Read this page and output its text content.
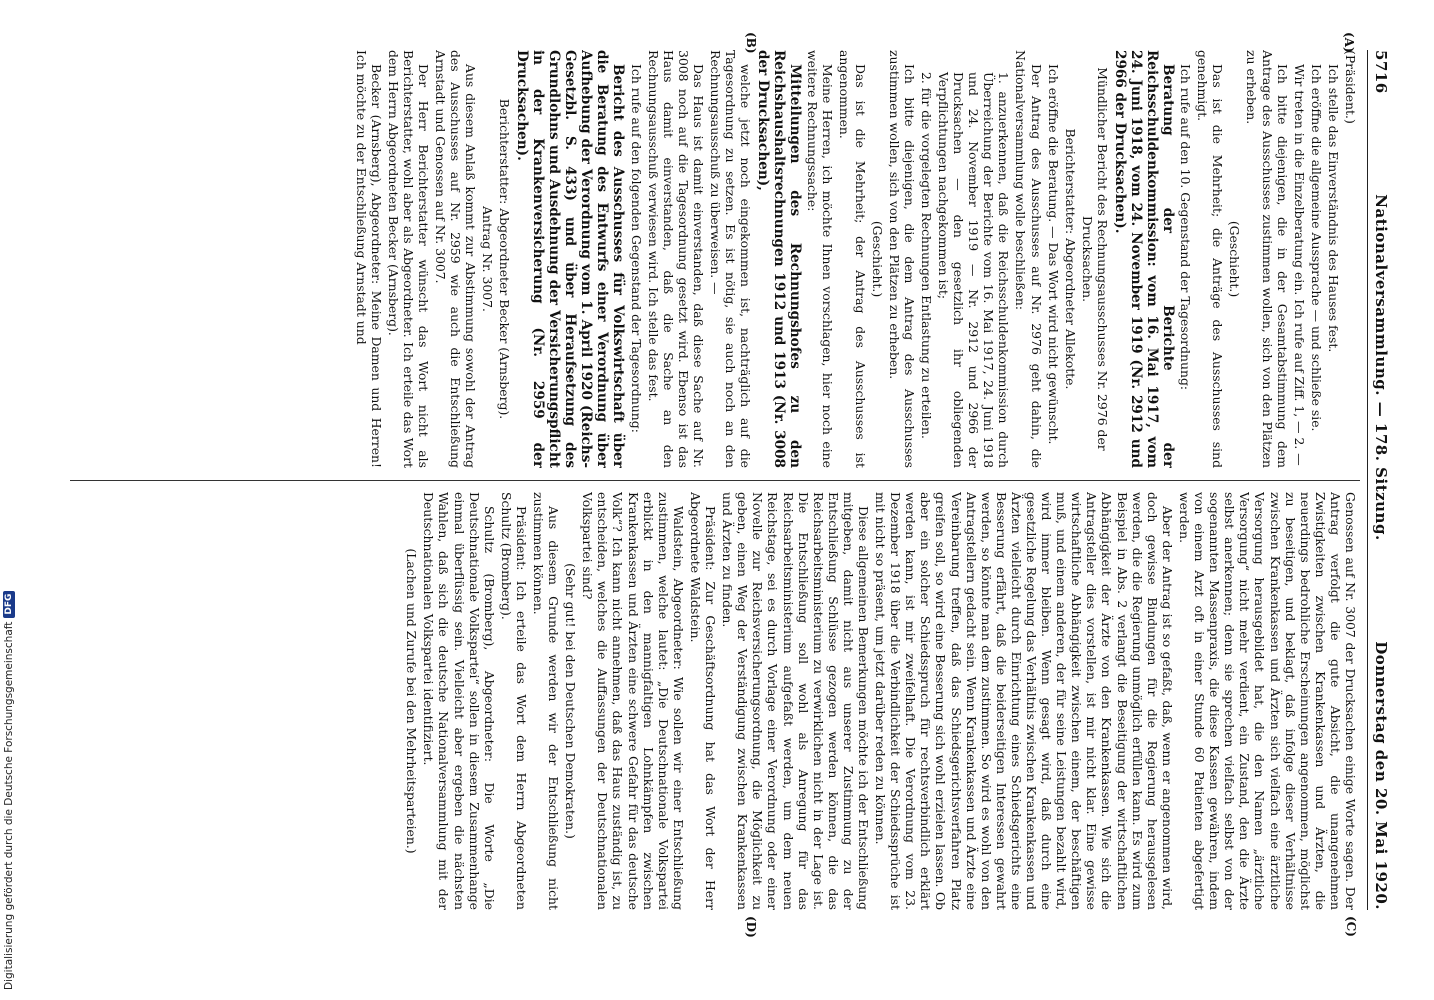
5716
Nationalversammlung. — 178. Sitzung.
Donnerstag den 20. Mai 1920.
(A)
(B)
(C)
(D)

(Präsident.)

Ich stelle das Einverständnis des Hauses fest.

Ich eröffne die allgemeine Aussprache — und schließe sie.

Wir treten in die Einzelberatung ein. Ich rufe auf Ziff. 1, — 2. —

Ich bitte diejenigen, die in der Gesamtabstimmung dem Antrage des Ausschusses zustimmen wollen, sich von den Plätzen zu erheben.

(Geschieht.)

Das ist die Mehrheit; die Anträge des Ausschusses sind genehmigt.

Ich rufe auf den 10. Gegenstand der Tagesordnung:

Beratung der Berichte der Reichsschuldenkommission: vom 16. Mai 1917, vom 24. Juni 1918, vom 24. November 1919 (Nr. 2912 und 2966 der Drucksachen).

Mündlicher Bericht des Rechnungsausschusses Nr. 2976 der Drucksachen.

Berichterstatter: Abgeordneter Allekotte.

Ich eröffne die Beratung. — Das Wort wird nicht gewünscht.

Der Antrag des Ausschusses auf Nr. 2976 geht dahin, die Nationalversammlung wolle beschließen:

1. anzuerkennen, daß die Reichsschuldenkommission durch Überreichung der Berichte vom 16. Mai 1917, 24. Juni 1918 und 24. November 1919 — Nr. 2912 und 2966 der Drucksachen — den gesetzlich ihr obliegenden Verpflichtungen nachgekommen ist;

2. für die vorgelegten Rechnungen Entlastung zu erteilen.

Ich bitte diejenigen, die dem Antrag des Ausschusses zustimmen wollen, sich von den Plätzen zu erheben.

(Geschieht.)

Das ist die Mehrheit; der Antrag des Ausschusses ist angenommen.

Meine Herren, ich möchte Ihnen vorschlagen, hier noch eine weitere Rechnungssache:

Mitteilungen des Rechnungshofes zu den Reichshaushaltsrechnungen 1912 und 1913 (Nr. 3008 der Drucksachen),

welche jetzt noch eingekommen ist, nachträglich auf die Tagesordnung zu setzen. Es ist nötig, sie auch noch an den Rechnungsausschuß zu überweisen. —

Das Haus ist damit einverstanden, daß diese Sache auf Nr. 3008 noch auf die Tagesordnung gesetzt wird. Ebenso ist das Haus damit einverstanden, daß die Sache an den Rechnungsausschuß verwiesen wird. Ich stelle das fest.

Ich rufe auf den folgenden Gegenstand der Tagesordnung:

Bericht des Ausschusses für Volkswirtschaft über die Beratung des Entwurfs einer Verordnung über Aufhebung der Verordnung vom 1. April 1920 (Reichs-Gesetzbl. S. 433) und über Heraufsetzung des Grundlohns und Ausdehnung der Versicherungspflicht in der Krankenversicherung (Nr. 2959 der Drucksachen).

Berichterstatter: Abgeordneter Becker (Arnsberg).

Antrag Nr. 3007.

Aus diesem Anlaß kommt zur Abstimmung sowohl der Antrag des Ausschusses auf Nr. 2959 wie auch die Entschließung Arnstadt und Genossen auf Nr. 3007.

Der Herr Berichterstatter wünscht das Wort nicht als Berichterstatter, wohl aber als Abgeordneter. Ich erteile das Wort dem Herrn Abgeordneten Becker (Arnsberg).

Becker (Arnsberg), Abgeordneter: Meine Damen und Herren! Ich möchte zu der Entschließung Arnstadt und

Genossen auf Nr. 3007 der Drucksachen einige Worte sagen. Der Antrag verfolgt die gute Absicht, die unangenehmen Zwistigkeiten zwischen Krankenkassen und Ärzten, die neuerdings bedrohliche Erscheinungen angenommen, möglichst zu beseitigen, und beklagt, daß infolge dieser Verhältnisse zwischen Krankenkassen und Ärzten sich vielfach eine ärztliche Versorgung herausgebildet hat, die den Namen „ärztliche Versorgung“ nicht mehr verdient, ein Zustand, den die Ärzte selbst anerkennen; denn sie sprechen vielfach selbst von der sogenannten Massenpraxis, die diese Kassen gewähren, indem von einem Arzt oft in einer Stunde 60 Patienten abgefertigt werden.

Aber der Antrag ist so gefaßt, daß, wenn er angenommen wird, doch gewisse Bindungen für die Regierung herausgelesen werden, die die Regierung unmöglich erfüllen kann. Es wird zum Beispiel in Abs. 2 verlangt die Beseitigung der wirtschaftlichen Abhängigkeit der Ärzte von den Krankenkassen. Wie sich die Antragsteller dies vorstellen, ist mir nicht klar. Eine gewisse wirtschaftliche Abhängigkeit zwischen einem, der beschäftigen muß, und einem anderen, der für seine Leistungen bezahlt wird, wird immer bleiben. Wenn gesagt wird, daß durch eine gesetzliche Regelung das Verhältnis zwischen Krankenkassen und Ärzten vielleicht durch Einrichtung eines Schiedsgerichts eine Besserung erfährt, daß die beiderseitigen Interessen gewahrt werden, so könnte man dem zustimmen. So wird es wohl von den Antragstellern gedacht sein. Wenn Krankenkassen und Ärzte eine Vereinbarung treffen, daß das Schiedsgerichtsverfahren Platz greifen soll, so wird eine Besserung sich wohl erzielen lassen. Ob aber ein solcher Schiedsspruch für rechtsverbindlich erklärt werden kann, ist mir zweifelhaft. Die Verordnung vom 23. Dezember 1918 über die Verbindlichkeit der Schiedssprüche ist mit nicht so präsent, um jetzt darüber reden zu können.

Diese allgemeinen Bemerkungen möchte ich der Entschließung mitgeben, damit nicht aus unserer Zustimmung zu der Entschließung Schlüsse gezogen werden können, die das Reichsarbeitsministerium zu verwirklichen nicht in der Lage ist. Die Entschließung soll wohl als Anregung für das Reichsarbeitsministerium aufgefaßt werden, um dem neuen Reichstage, sei es durch Vorlage einer Verordnung oder einer Novelle zur Reichsversicherungsordnung, die Möglichkeit zu geben, einen Weg der Verständigung zwischen Krankenkassen und Ärzten zu finden.

Präsident: Zur Geschäftsordnung hat das Wort der Herr Abgeordnete Waldstein.

Waldstein, Abgeordneter: Wie sollen wir einer Entschließung zustimmen, welche lautet: „Die Deutschnationale Volkspartei erblickt in den mannigfaltigen Lohnkämpfen zwischen Krankenkassen und Ärzten eine schwere Gefahr für das deutsche Volk“? Ich kann nicht annehmen, daß das Haus zuständig ist, zu entscheiden, welches die Auffassungen der Deutschnationalen Volkspartei sind?

(Sehr gut! bei den Deutschen Demokraten.)

Aus diesem Grunde werden wir der Entschließung nicht zustimmen können.

Präsident: Ich erteile das Wort dem Herrn Abgeordneten Schultz (Bromberg).

Schultz (Bromberg), Abgeordneter: Die Worte „Die Deutschnationale Volkspartei“ sollen in diesem Zusammenhange einmal überflüssig sein. Vielleicht aber ergeben die nächsten Wahlen, daß sich die deutsche Nationalversammlung mit der Deutschnationalen Volkspartei identifiziert.

(Lachen und Zurufe bei den Mehrheitsparteien.)

Digitalisierung gefördert durch die Deutsche Forschungsgemeinschaft
DFG
